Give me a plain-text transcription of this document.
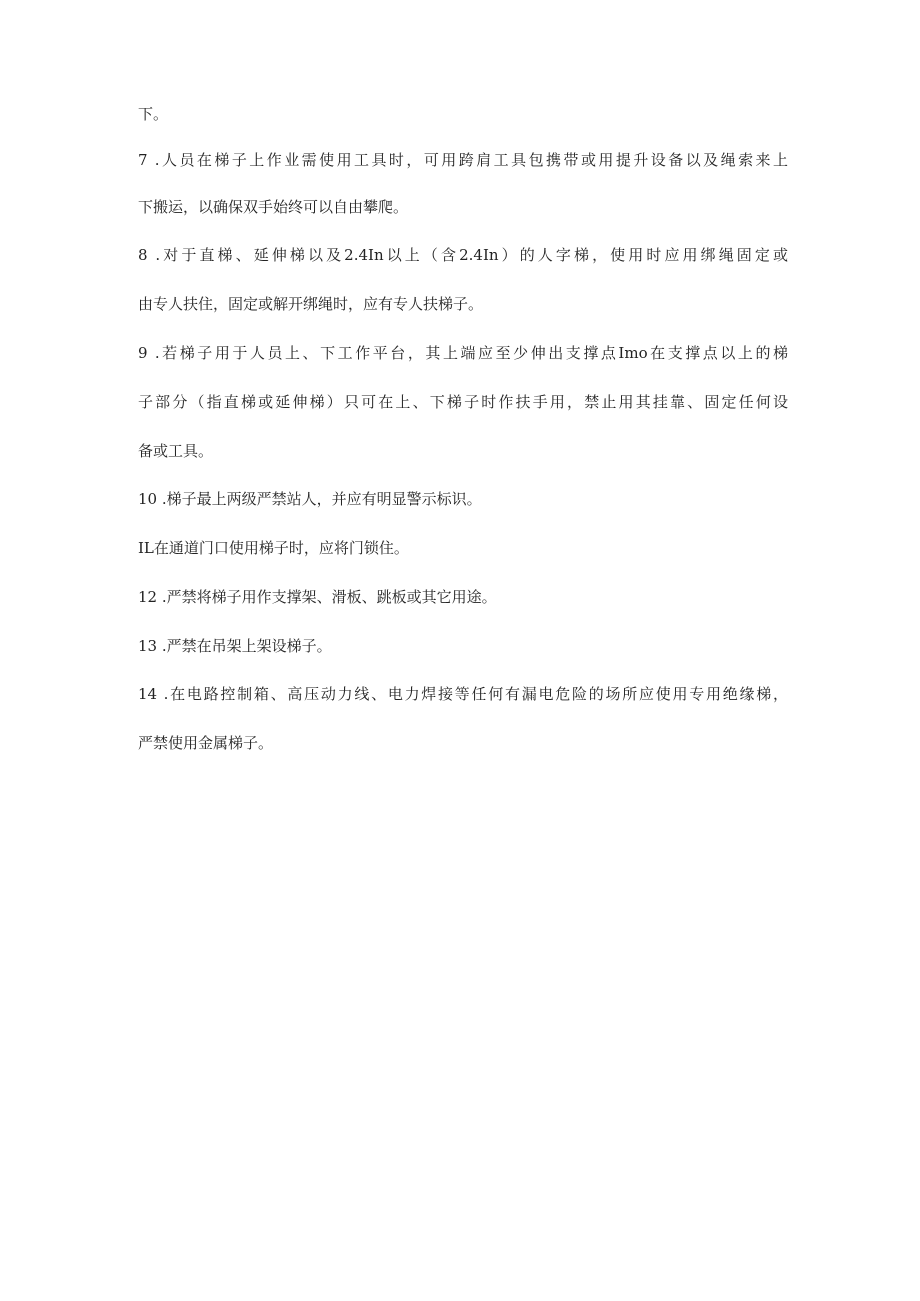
下。
7 .人员在梯子上作业需使用工具时，可用跨肩工具包携带或用提升设备以及绳索来上
下搬运，以确保双手始终可以自由攀爬。
8 .对于直梯、延伸梯以及2.4In以上（含2.4In）的人字梯，使用时应用绑绳固定或
由专人扶住，固定或解开绑绳时，应有专人扶梯子。
9 .若梯子用于人员上、下工作平台，其上端应至少伸出支撑点Imo在支撑点以上的梯
子部分（指直梯或延伸梯）只可在上、下梯子时作扶手用，禁止用其挂靠、固定任何设
备或工具。
10 .梯子最上两级严禁站人，并应有明显警示标识。
IL在通道门口使用梯子时，应将门锁住。
12 .严禁将梯子用作支撑架、滑板、跳板或其它用途。
13 .严禁在吊架上架设梯子。
14 .在电路控制箱、高压动力线、电力焊接等任何有漏电危险的场所应使用专用绝缘梯，
严禁使用金属梯子。
